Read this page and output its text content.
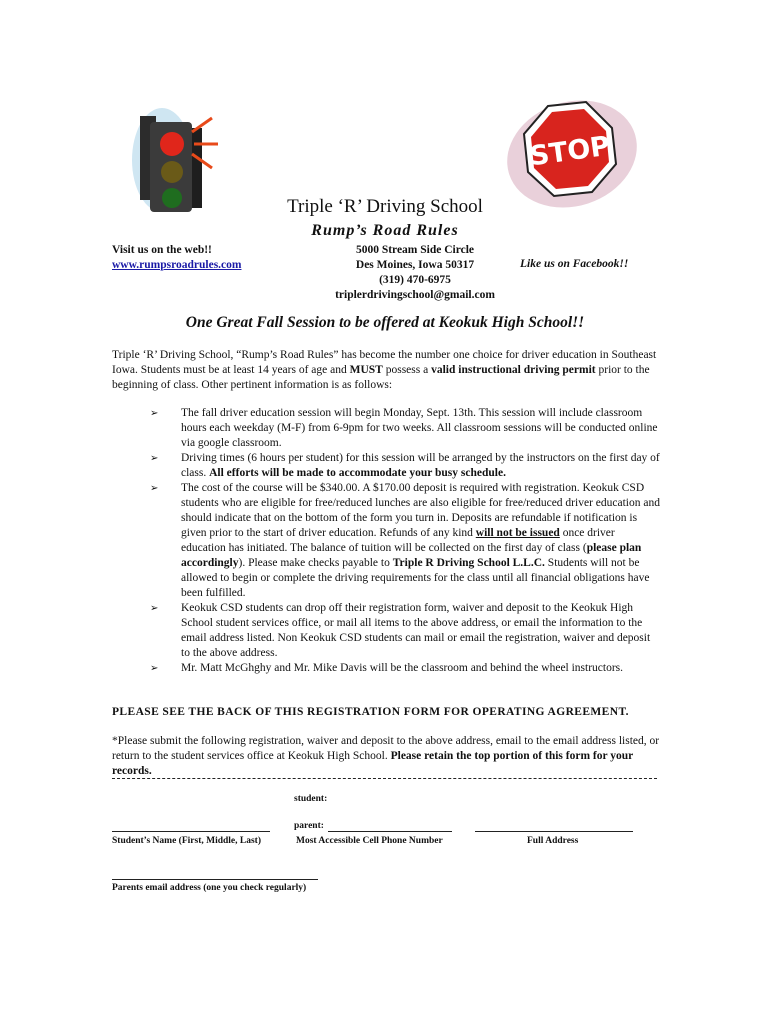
STOP
Triple ‘R’ Driving School
Rump’s Road Rules
Visit us on the web!!
www.rumpsroadrules.com
5000 Stream Side Circle
Des Moines, Iowa 50317
(319) 470-6975
triplerdrivingschool@gmail.com
Like us on Facebook!!
One Great Fall Session to be offered at Keokuk High School!!
Triple ‘R’ Driving School, “Rump’s Road Rules” has become the number one choice for driver education in Southeast Iowa. Students must be at least 14 years of age and MUST possess a valid instructional driving permit prior to the beginning of class. Other pertinent information is as follows:
➢ The fall driver education session will begin Monday, Sept. 13th. This session will include classroom hours each weekday (M-F) from 6-9pm for two weeks. All classroom sessions will be conducted online via google classroom.
➢ Driving times (6 hours per student) for this session will be arranged by the instructors on the first day of class. All efforts will be made to accommodate your busy schedule.
➢ The cost of the course will be $340.00. A $170.00 deposit is required with registration. Keokuk CSD students who are eligible for free/reduced lunches are also eligible for free/reduced driver education and should indicate that on the bottom of the form you turn in. Deposits are refundable if notification is given prior to the start of driver education. Refunds of any kind will not be issued once driver education has initiated. The balance of tuition will be collected on the first day of class (please plan accordingly). Please make checks payable to Triple R Driving School L.L.C. Students will not be allowed to begin or complete the driving requirements for the class until all financial obligations have been fulfilled.
➢ Keokuk CSD students can drop off their registration form, waiver and deposit to the Keokuk High School student services office, or mail all items to the above address, or email the information to the email address listed. Non Keokuk CSD students can mail or email the registration, waiver and deposit to the above address.
➢ Mr. Matt McGhghy and Mr. Mike Davis will be the classroom and behind the wheel instructors.
PLEASE SEE THE BACK OF THIS REGISTRATION FORM FOR OPERATING AGREEMENT.
*Please submit the following registration, waiver and deposit to the above address, email to the email address listed, or return to the student services office at Keokuk High School. Please retain the top portion of this form for your records.
student:
parent:
Student’s Name (First, Middle, Last)	Most Accessible Cell Phone Number	Full Address
Parents email address (one you check regularly)
